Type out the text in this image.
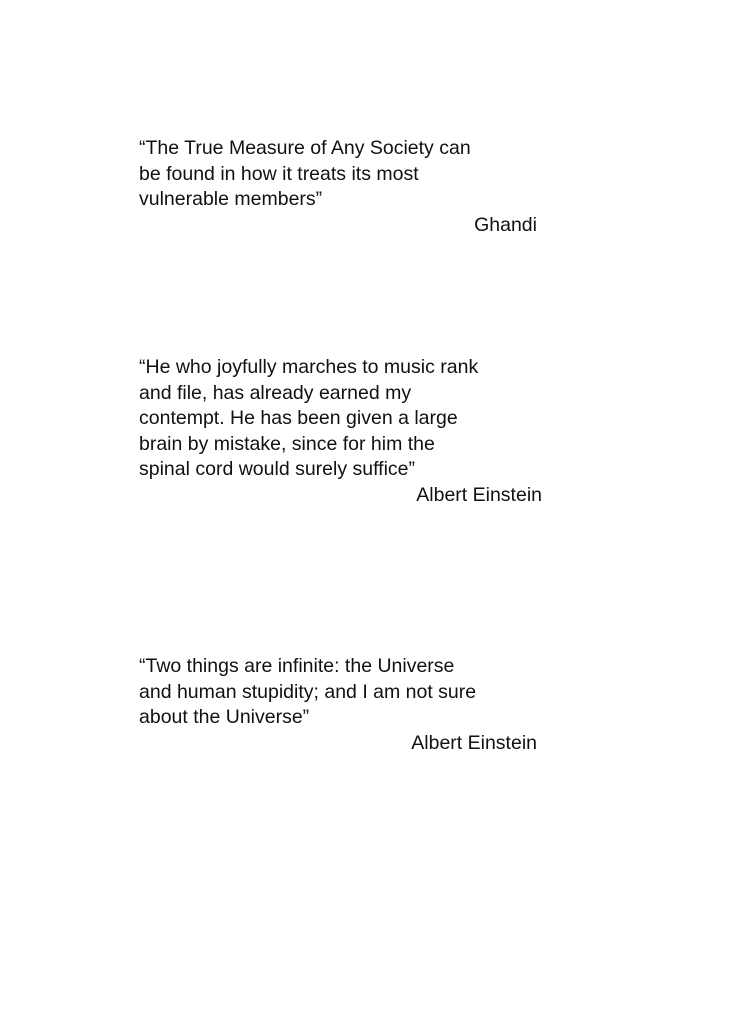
“The True Measure of Any Society can
be found in how it treats its most
vulnerable members”
Ghandi
“He who joyfully marches to music rank
and file, has already earned my
contempt. He has been given a large
brain by mistake, since for him the
spinal cord would surely suffice”
Albert Einstein
“Two things are infinite: the Universe
and human stupidity; and I am not sure
about the Universe”
Albert Einstein
